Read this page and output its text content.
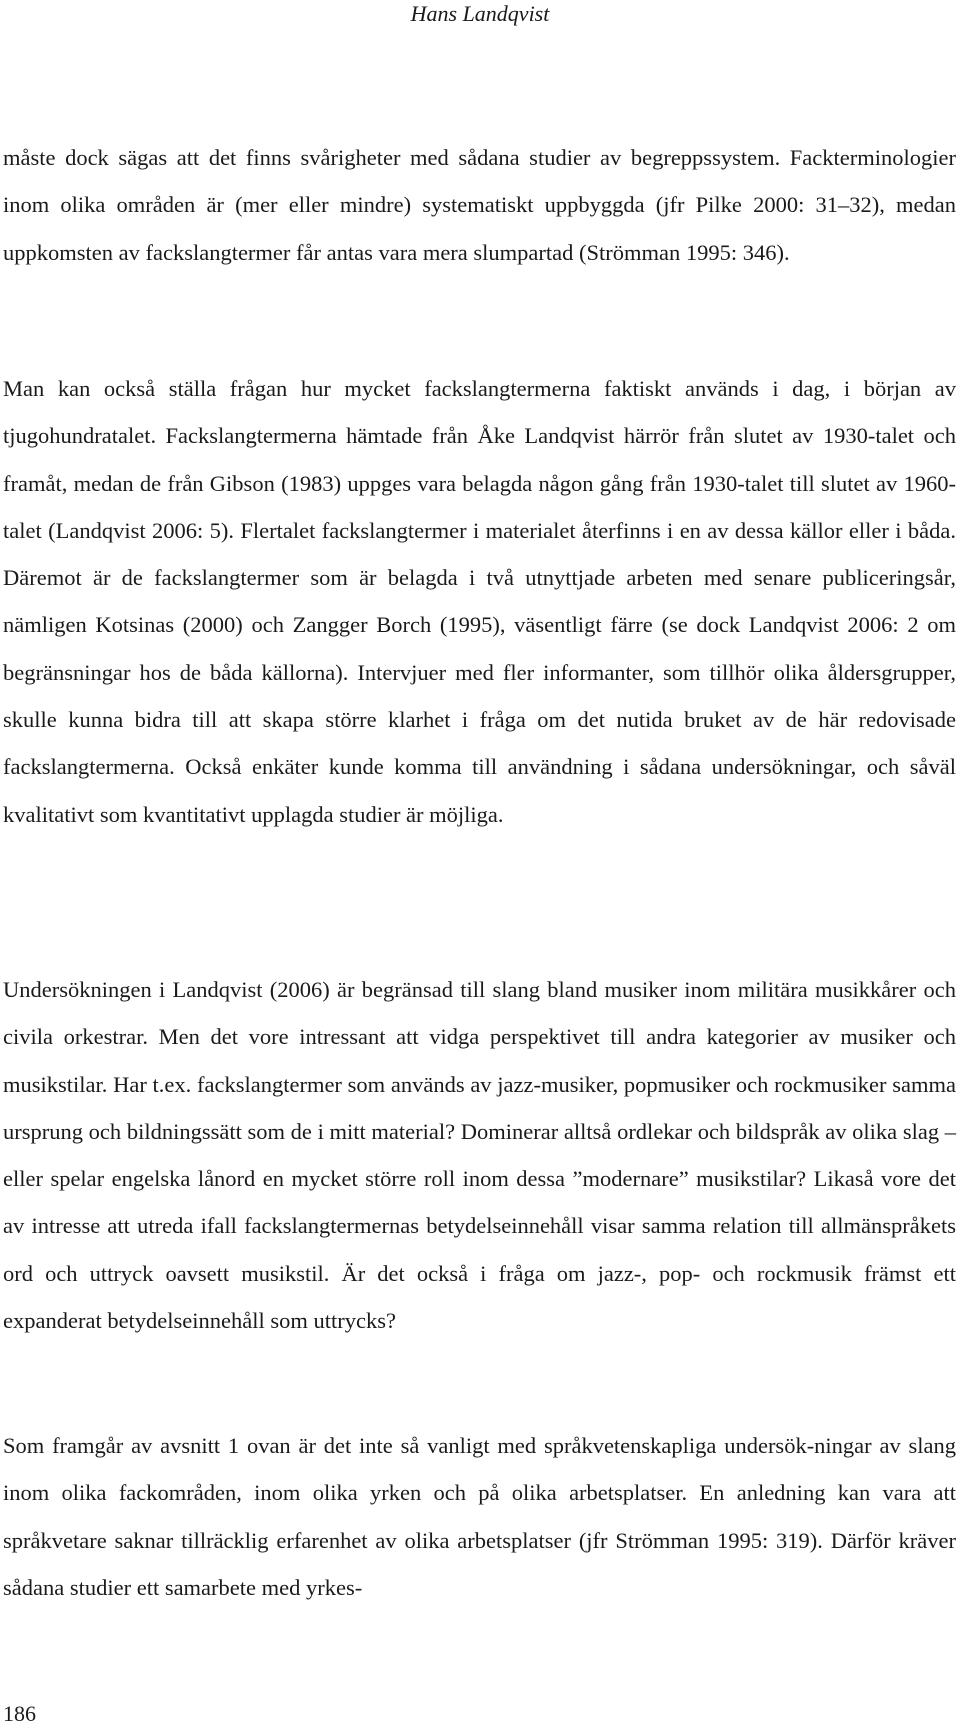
Hans Landqvist

måste dock sägas att det finns svårigheter med sådana studier av begreppssystem. Fackterminologier inom olika områden är (mer eller mindre) systematiskt uppbyggda (jfr Pilke 2000: 31–32), medan uppkomsten av fackslangtermer får antas vara mera slumpartad (Strömman 1995: 346).

Man kan också ställa frågan hur mycket fackslangtermerna faktiskt används i dag, i början av tjugohundratalet. Fackslangtermerna hämtade från Åke Landqvist härrör från slutet av 1930-talet och framåt, medan de från Gibson (1983) uppges vara belagda någon gång från 1930-talet till slutet av 1960-talet (Landqvist 2006: 5). Flertalet fackslangtermer i materialet återfinns i en av dessa källor eller i båda. Däremot är de fackslangtermer som är belagda i två utnyttjade arbeten med senare publiceringsår, nämligen Kotsinas (2000) och Zangger Borch (1995), väsentligt färre (se dock Landqvist 2006: 2 om begränsningar hos de båda källorna). Intervjuer med fler informanter, som tillhör olika åldersgrupper, skulle kunna bidra till att skapa större klarhet i fråga om det nutida bruket av de här redovisade fackslangtermerna. Också enkäter kunde komma till användning i sådana undersökningar, och såväl kvalitativt som kvantitativt upplagda studier är möjliga.

Undersökningen i Landqvist (2006) är begränsad till slang bland musiker inom militära musikkårer och civila orkestrar. Men det vore intressant att vidga perspektivet till andra kategorier av musiker och musikstilar. Har t.ex. fackslangtermer som används av jazz-musiker, popmusiker och rockmusiker samma ursprung och bildningssätt som de i mitt material? Dominerar alltså ordlekar och bildspråk av olika slag – eller spelar engelska lånord en mycket större roll inom dessa ”modernare” musikstilar? Likaså vore det av intresse att utreda ifall fackslangtermernas betydelseinnehåll visar samma relation till allmänspråkets ord och uttryck oavsett musikstil. Är det också i fråga om jazz-, pop- och rockmusik främst ett expanderat betydelseinnehåll som uttrycks?

Som framgår av avsnitt 1 ovan är det inte så vanligt med språkvetenskapliga undersök-ningar av slang inom olika fackområden, inom olika yrken och på olika arbetsplatser. En anledning kan vara att språkvetare saknar tillräcklig erfarenhet av olika arbetsplatser (jfr Strömman 1995: 319). Därför kräver sådana studier ett samarbete med yrkes-

186
